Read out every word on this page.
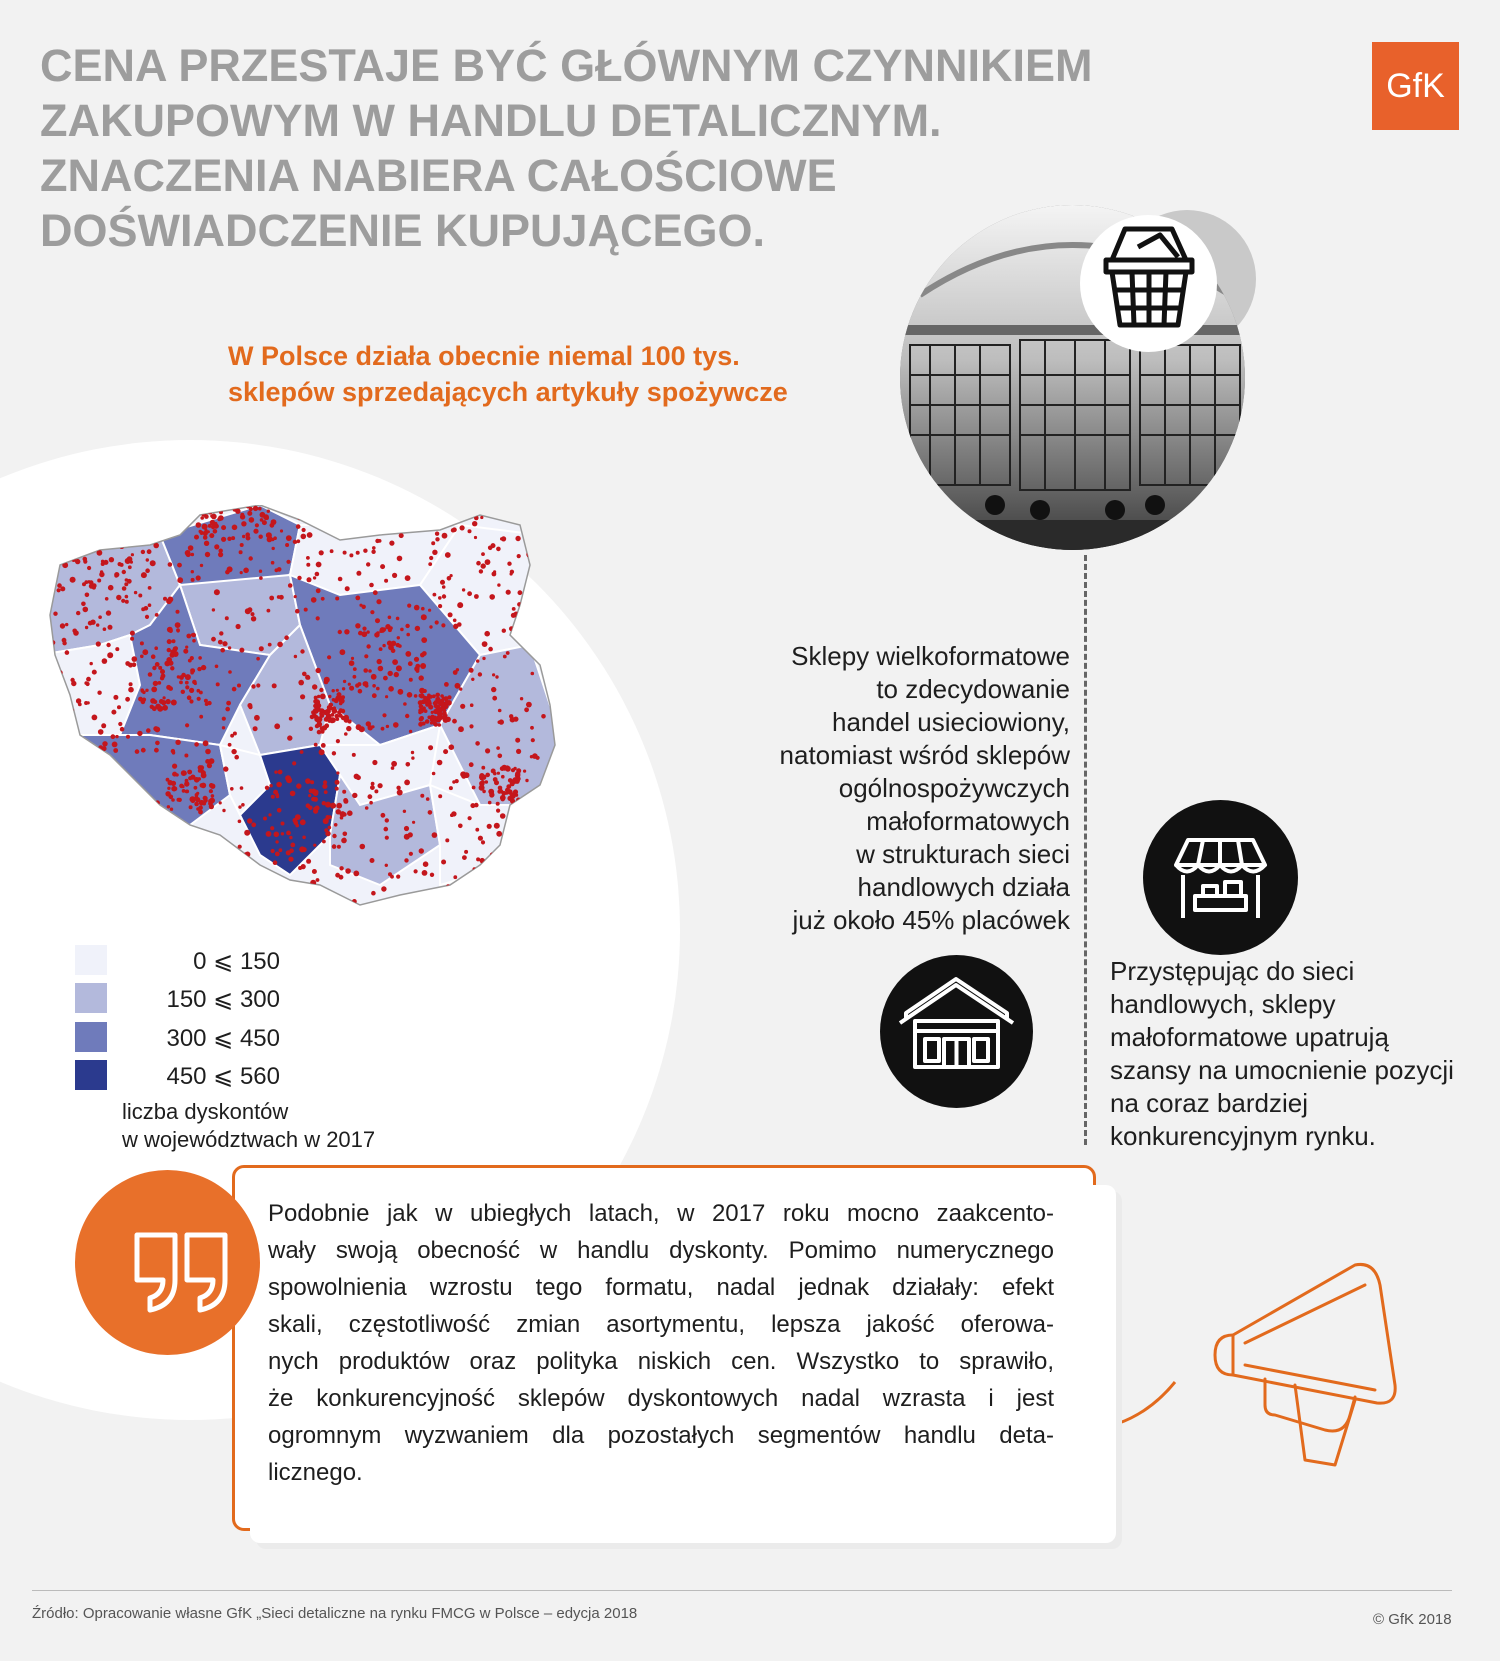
CENA PRZESTAJE BYĆ GŁÓWNYM CZYNNIKIEM
ZAKUPOWYM W HANDLU DETALICZNYM.
ZNACZENIA NABIERA CAŁOŚCIOWE
DOŚWIADCZENIE KUPUJĄCEGO.
GfK
W Polsce działa obecnie niemal 100 tys.
sklepów sprzedających artykuły spożywcze
0 ⩽ 150
150 ⩽ 300
300 ⩽ 450
450 ⩽ 560
liczba dyskontów
w województwach w 2017
Sklepy wielkoformatowe
to zdecydowanie
handel usieciowiony,
natomiast wśród sklepów
ogólnospożywczych
małoformatowych
w strukturach sieci
handlowych działa
już około 45% placówek
Przystępując do sieci
handlowych, sklepy
małoformatowe upatrują
szansy na umocnienie pozycji
na coraz bardziej
konkurencyjnym rynku.
Podobnie jak w ubiegłych latach, w 2017 roku mocno zaakcento-
wały swoją obecność w handlu dyskonty. Pomimo numerycznego
spowolnienia wzrostu tego formatu, nadal jednak działały: efekt
skali, częstotliwość zmian asortymentu, lepsza jakość oferowa-
nych produktów oraz polityka niskich cen. Wszystko to sprawiło,
że konkurencyjność sklepów dyskontowych nadal wzrasta i jest
ogromnym wyzwaniem dla pozostałych segmentów handlu deta-
licznego.
Źródło: Opracowanie własne GfK „Sieci detaliczne na rynku FMCG w Polsce – edycja 2018	© GfK 2018
